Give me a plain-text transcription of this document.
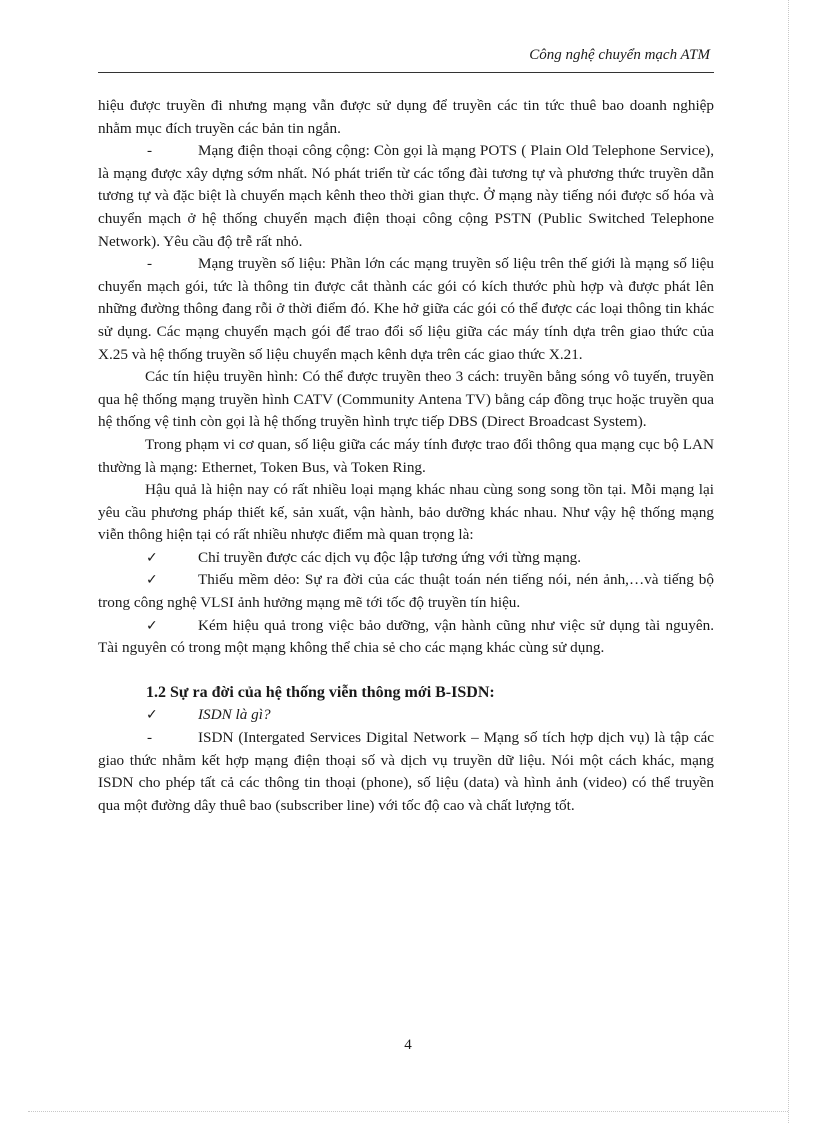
Công nghệ chuyển mạch ATM

hiệu được truyền đi nhưng mạng vẫn được sử dụng để truyền các tin tức thuê bao doanh nghiệp nhằm mục đích truyền các bản tin ngắn.

-	Mạng điện thoại công cộng: Còn gọi là mạng POTS ( Plain Old Telephone Service), là mạng được xây dựng sớm nhất. Nó phát triển từ các tổng đài tương tự và phương thức truyền dẫn tương tự và đặc biệt là chuyển mạch kênh theo thời gian thực. Ở mạng này tiếng nói được số hóa và chuyển mạch ở hệ thống chuyển mạch điện thoại công cộng PSTN (Public Switched Telephone Network). Yêu cầu độ trễ rất nhỏ.

-	Mạng truyền số liệu: Phần lớn các mạng truyền số liệu trên thế giới là mạng số liệu chuyển mạch gói, tức là thông tin được cắt thành các gói có kích thước phù hợp và được phát lên những đường thông đang rỗi ở thời điểm đó. Khe hở giữa các gói có thể được các loại thông tin khác sử dụng. Các mạng chuyển mạch gói để trao đổi số liệu giữa các máy tính dựa trên giao thức của X.25 và hệ thống truyền số liệu chuyển mạch kênh dựa trên các giao thức X.21.

Các tín hiệu truyền hình: Có thể được truyền theo 3 cách: truyền bằng sóng vô tuyến, truyền qua hệ thống mạng truyền hình CATV (Community Antena TV) bằng cáp đồng trục hoặc truyền qua hệ thống vệ tinh còn gọi là hệ thống truyền hình trực tiếp DBS (Direct Broadcast System).

Trong phạm vi cơ quan, số liệu giữa các máy tính được trao đổi thông qua mạng cục bộ LAN thường là mạng: Ethernet, Token Bus, và Token Ring.

Hậu quả là hiện nay có rất nhiều loại mạng khác nhau cùng song song tồn tại. Mỗi mạng lại yêu cầu phương pháp thiết kế, sản xuất, vận hành, bảo dưỡng khác nhau. Như vậy hệ thống mạng viễn thông hiện tại có rất nhiều nhược điểm mà quan trọng là:

✓	Chỉ truyền được các dịch vụ độc lập tương ứng với từng mạng.

✓	Thiếu mềm dẻo: Sự ra đời của các thuật toán nén tiếng nói, nén ảnh,…và tiếng bộ trong công nghệ VLSI ảnh hưởng mạng mẽ tới tốc độ truyền tín hiệu.

✓	Kém hiệu quả trong việc bảo dưỡng, vận hành cũng như việc sử dụng tài nguyên. Tài nguyên có trong một mạng không thể chia sẻ cho các mạng khác cùng sử dụng.

1.2 Sự ra đời của hệ thống viễn thông mới B-ISDN:

✓	ISDN là gì?

-	ISDN (Intergated Services Digital Network – Mạng số tích hợp dịch vụ) là tập các giao thức nhằm kết hợp mạng điện thoại số và dịch vụ truyền dữ liệu. Nói một cách khác, mạng ISDN cho phép tất cả các thông tin thoại (phone), số liệu (data) và hình ảnh (video) có thể truyền qua một đường dây thuê bao (subscriber line) với tốc độ cao và chất lượng tốt.

4
